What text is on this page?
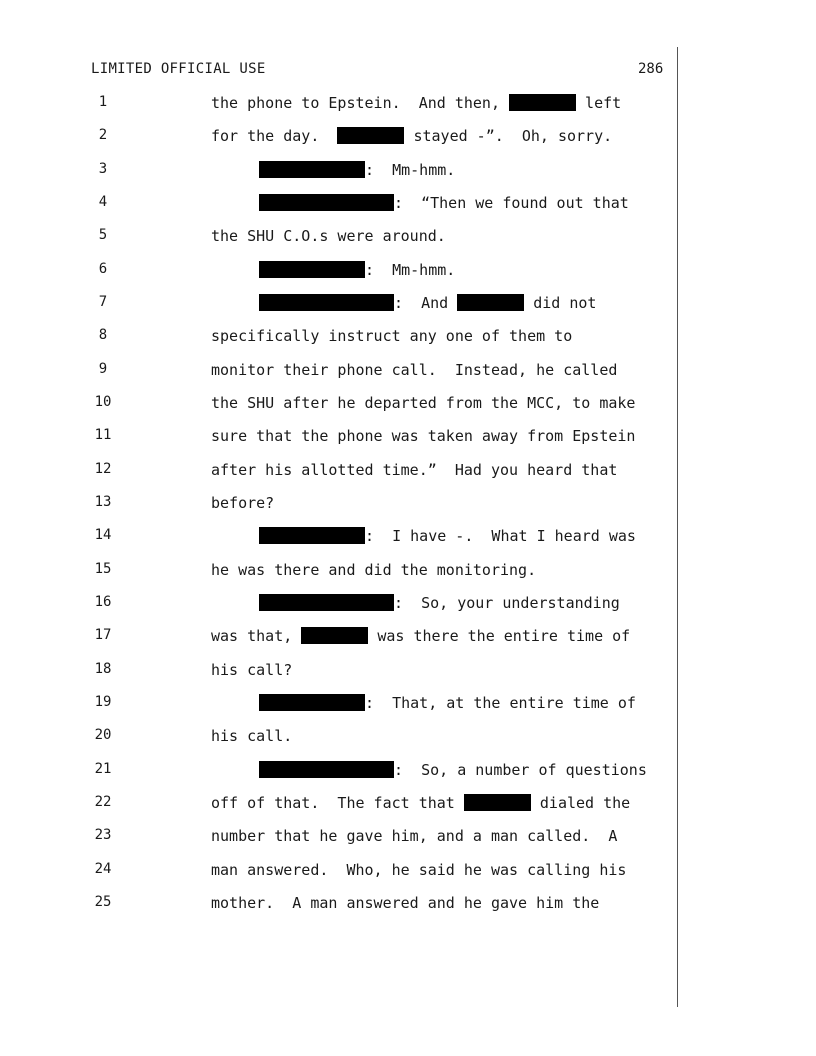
LIMITED OFFICIAL USE	286
1	the phone to Epstein.  And then,	left
2	for the day.	stayed -”.  Oh, sorry.
3	:  Mm-hmm.
4	:  “Then we found out that
5	the SHU C.O.s were around.
6	:  Mm-hmm.
7	:  And	did not
8	specifically instruct any one of them to
9	monitor their phone call.  Instead, he called
10	the SHU after he departed from the MCC, to make
11	sure that the phone was taken away from Epstein
12	after his allotted time.”  Had you heard that
13	before?
14	:  I have -.  What I heard was
15	he was there and did the monitoring.
16	:  So, your understanding
17	was that,	was there the entire time of
18	his call?
19	:  That, at the entire time of
20	his call.
21	:  So, a number of questions
22	off of that.  The fact that	dialed the
23	number that he gave him, and a man called.  A
24	man answered.  Who, he said he was calling his
25	mother.  A man answered and he gave him the
